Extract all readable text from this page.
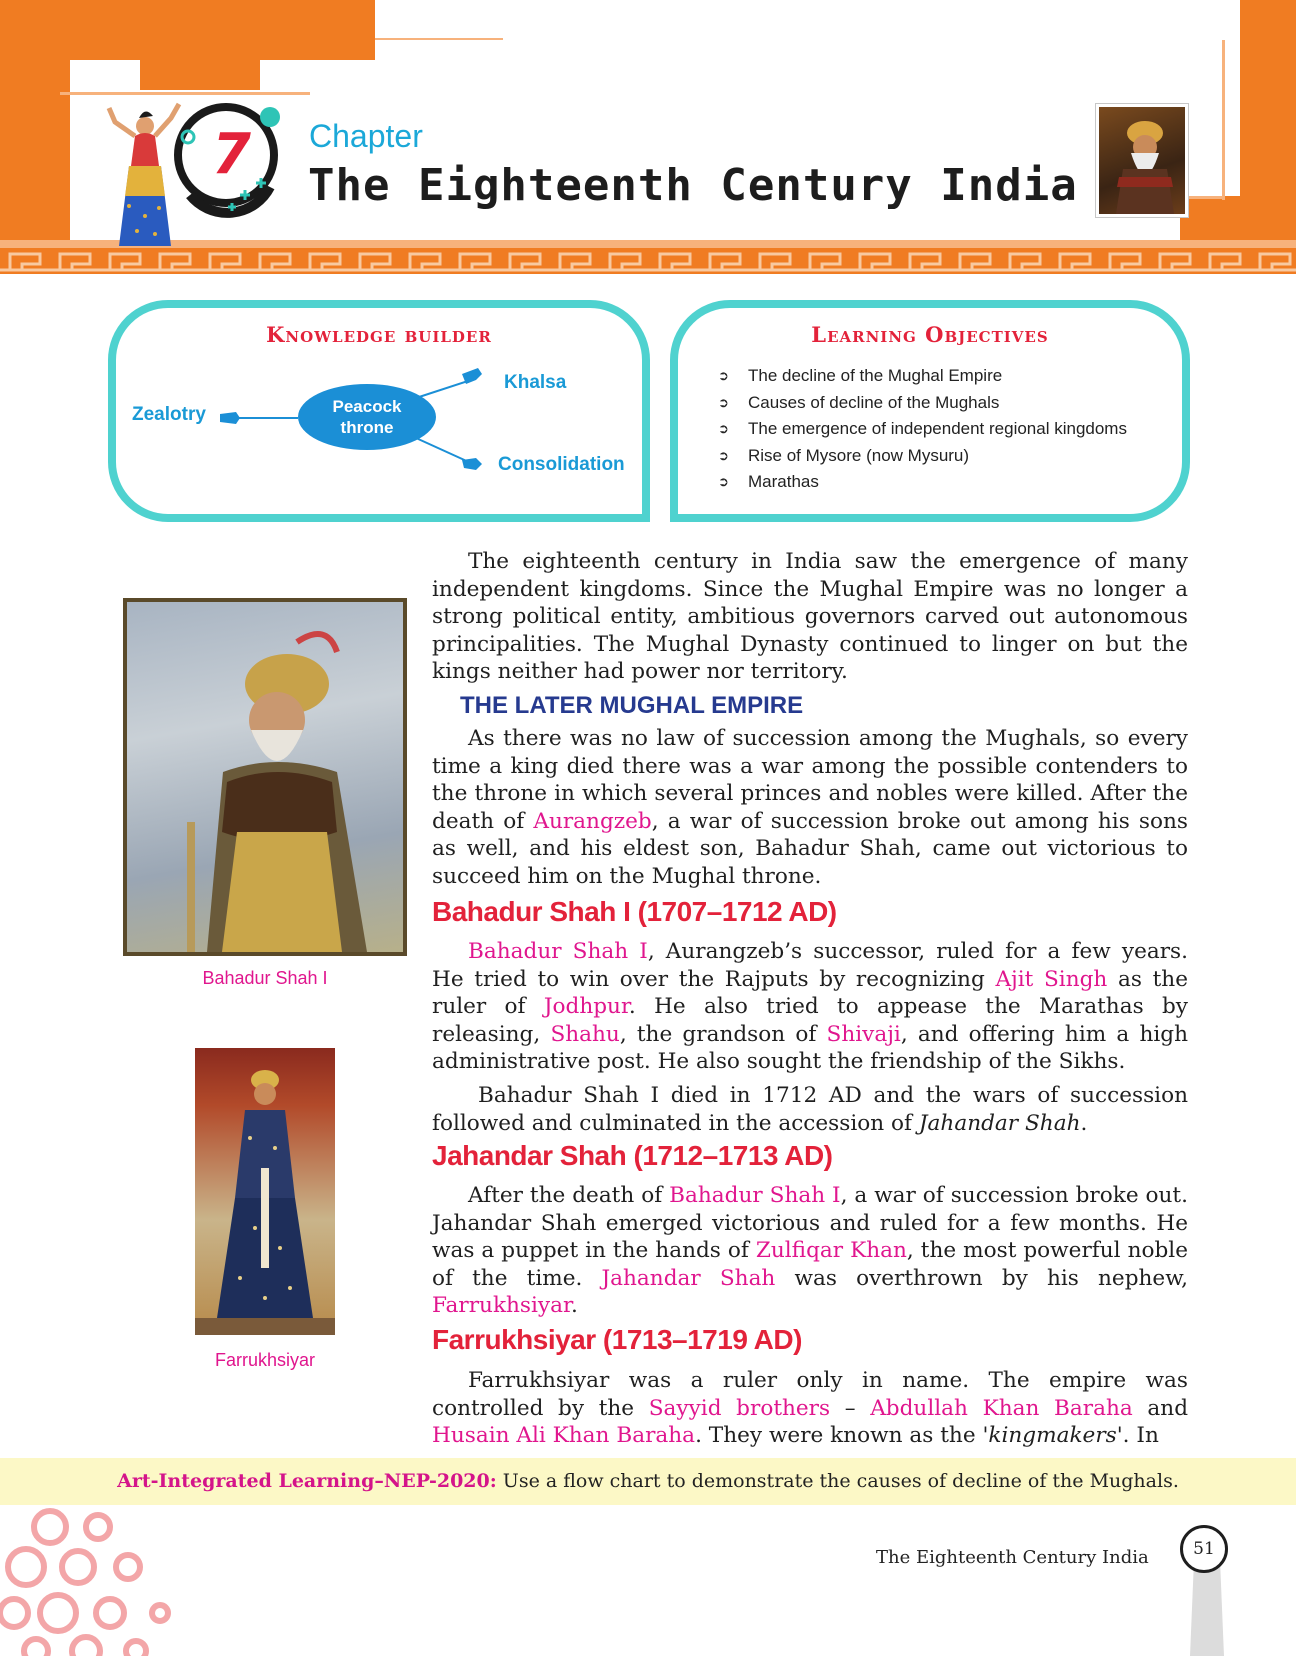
7 Chapter
The Eighteenth Century India
Knowledge builder
Peacock
throne
Zealotry
Khalsa
Consolidation
Learning Objectives
➲ The decline of the Mughal Empire
➲ Causes of decline of the Mughals
➲ The emergence of independent regional kingdoms
➲ Rise of Mysore (now Mysuru)
➲ Marathas
Bahadur Shah I
Farrukhsiyar

The eighteenth century in India saw the emergence of many independent kingdoms. Since the Mughal Empire was no longer a strong political entity, ambitious governors carved out autonomous principalities. The Mughal Dynasty continued to linger on but the kings neither had power nor territory.

THE LATER MUGHAL EMPIRE

As there was no law of succession among the Mughals, so every time a king died there was a war among the possible contenders to the throne in which several princes and nobles were killed. After the death of Aurangzeb, a war of succession broke out among his sons as well, and his eldest son, Bahadur Shah, came out victorious to succeed him on the Mughal throne.

Bahadur Shah I (1707–1712 AD)

Bahadur Shah I, Aurangzeb’s successor, ruled for a few years. He tried to win over the Rajputs by recognizing Ajit Singh as the ruler of Jodhpur. He also tried to appease the Marathas by releasing, Shahu, the grandson of Shivaji, and offering him a high administrative post. He also sought the friendship of the Sikhs.

Bahadur Shah I died in 1712 AD and the wars of succession followed and culminated in the accession of Jahandar Shah.

Jahandar Shah (1712–1713 AD)

After the death of Bahadur Shah I, a war of succession broke out. Jahandar Shah emerged victorious and ruled for a few months. He was a puppet in the hands of Zulfiqar Khan, the most powerful noble of the time. Jahandar Shah was overthrown by his nephew, Farrukhsiyar.

Farrukhsiyar (1713–1719 AD)

Farrukhsiyar was a ruler only in name. The empire was controlled by the Sayyid brothers – Abdullah Khan Baraha and Husain Ali Khan Baraha. They were known as the 'kingmakers'. In

Art-Integrated Learning–NEP-2020: Use a flow chart to demonstrate the causes of decline of the Mughals.
The Eighteenth Century India	51
